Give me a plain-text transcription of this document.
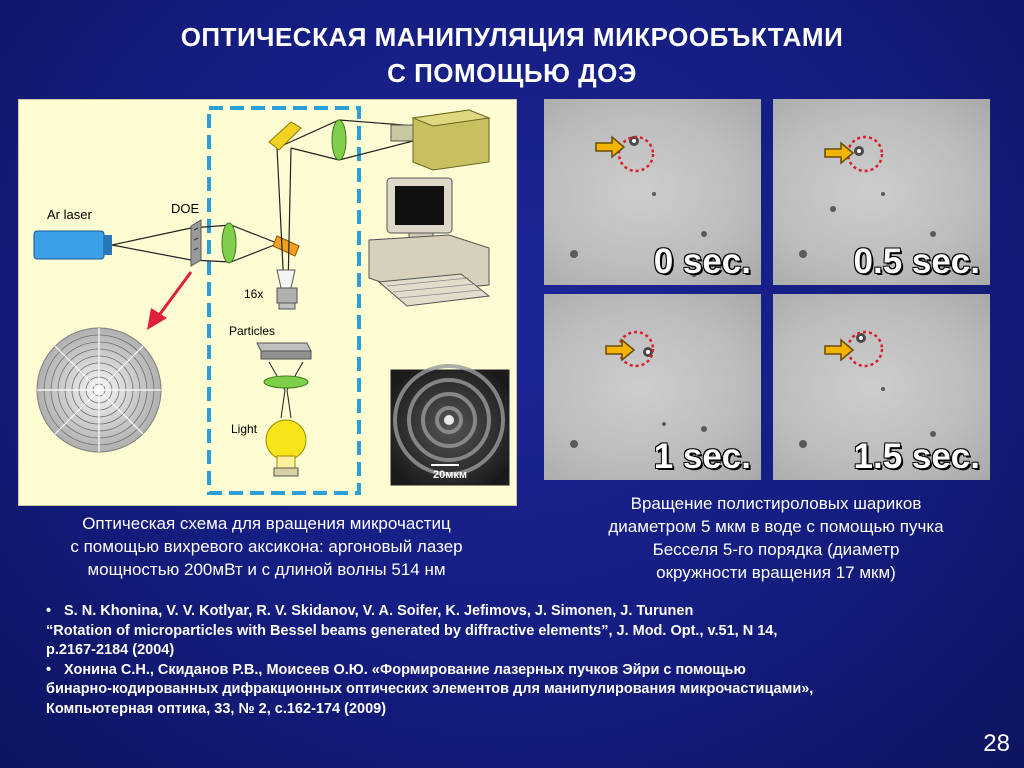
ОПТИЧЕСКАЯ МАНИПУЛЯЦИЯ МИКРООБЪКТАМИ
С ПОМОЩЬЮ ДОЭ
Ar laser	DOE
16x
Particles
Light
20мкм
0 sec.	0.5 sec.
1 sec.	1.5 sec.
Оптическая схема для вращения микрочастиц
с помощью вихревого аксикона: аргоновый лазер
мощностью 200мВт и с длиной волны 514 нм
Вращение полистироловых шариков
диаметром 5 мкм в воде с помощью пучка
Бесселя 5-го порядка (диаметр
окружности вращения 17 мкм)
• S. N. Khonina, V. V. Kotlyar, R. V. Skidanov, V. A. Soifer, K. Jefimovs, J. Simonen, J. Turunen
“Rotation of microparticles with Bessel beams generated by diffractive elements”, J. Mod. Opt., v.51, N 14,
p.2167-2184 (2004)
• Хонина С.Н., Скиданов Р.В., Моисеев О.Ю. «Формирование лазерных пучков Эйри с помощью
бинарно-кодированных дифракционных оптических элементов для манипулирования микрочастицами»,
Компьютерная оптика, 33, № 2, с.162-174 (2009)
28
